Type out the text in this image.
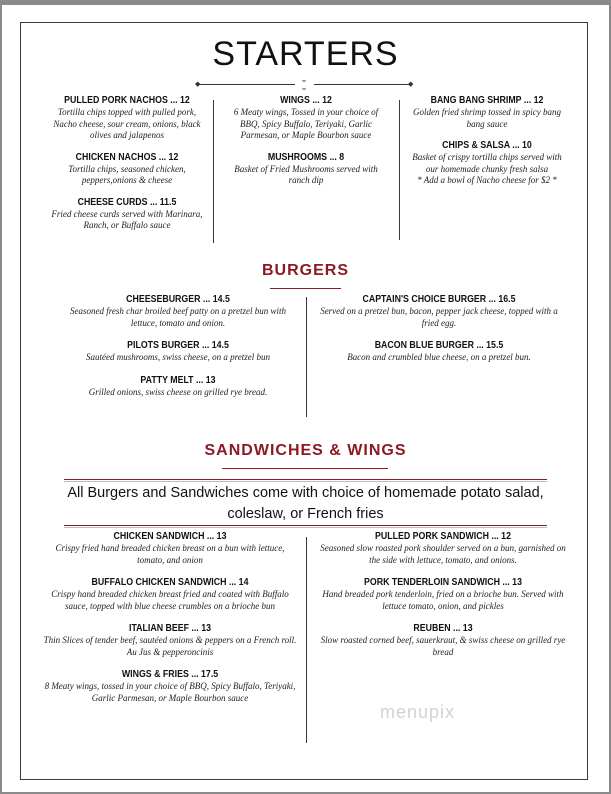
STARTERS
◆	⌄
⌄	◆
PULLED PORK NACHOS ... 12
Tortilla chips topped with pulled pork, Nacho cheese, sour cream, onions, black olives and jalapenos
CHICKEN NACHOS ... 12
Tortilla chips, seasoned chicken, peppers,onions & cheese
CHEESE CURDS ... 11.5
Fried cheese curds served with Marinara, Ranch, or Buffalo sauce
WINGS ... 12
6 Meaty wings, Tossed in your choice of BBQ, Spicy Buffalo, Teriyaki, Garlic Parmesan, or Maple Bourbon sauce
MUSHROOMS ... 8
Basket of Fried Mushrooms served with ranch dip
BANG BANG SHRIMP ... 12
Golden fried shrimp tossed in spicy bang bang sauce
CHIPS & SALSA ... 10
Basket of crispy tortilla chips served with our homemade chunky fresh salsa
* Add a bowl of Nacho cheese for $2 *
BURGERS
CHEESEBURGER ... 14.5
Seasoned fresh char broiled beef patty on a pretzel bun with lettuce, tomato and onion.
PILOTS BURGER ... 14.5
Sautéed mushrooms, swiss cheese, on a pretzel bun
PATTY MELT ... 13
Grilled onions, swiss cheese on grilled rye bread.
CAPTAIN'S CHOICE BURGER ... 16.5
Served on a pretzel bun, bacon, pepper jack cheese, topped with a fried egg.
BACON BLUE BURGER ... 15.5
Bacon and crumbled blue cheese, on a pretzel bun.
SANDWICHES & WINGS
All Burgers and Sandwiches come with choice of homemade potato salad, coleslaw, or French fries
CHICKEN SANDWICH ... 13
Crispy fried hand breaded chicken breast on a bun with lettuce, tomato, and onion
BUFFALO CHICKEN SANDWICH ... 14
Crispy hand breaded chicken breast fried and coated with Buffalo sauce, topped with blue cheese crumbles on a brioche bun
ITALIAN BEEF ... 13
Thin Slices of tender beef, sautéed onions & peppers on a French roll. Au Jus & pepperoncinis
WINGS & FRIES ... 17.5
8 Meaty wings, tossed in your choice of BBQ, Spicy Buffalo, Teriyaki, Garlic Parmesan, or Maple Bourbon sauce
PULLED PORK SANDWICH ... 12
Seasoned slow roasted pork shoulder served on a bun, garnished on the side with lettuce, tomato, and onions.
PORK TENDERLOIN SANDWICH ... 13
Hand breaded pork tenderloin, fried on a brioche bun. Served with lettuce tomato, onion, and pickles
REUBEN ... 13
Slow roasted corned beef, sauerkraut, & swiss cheese on grilled rye bread
menupix
